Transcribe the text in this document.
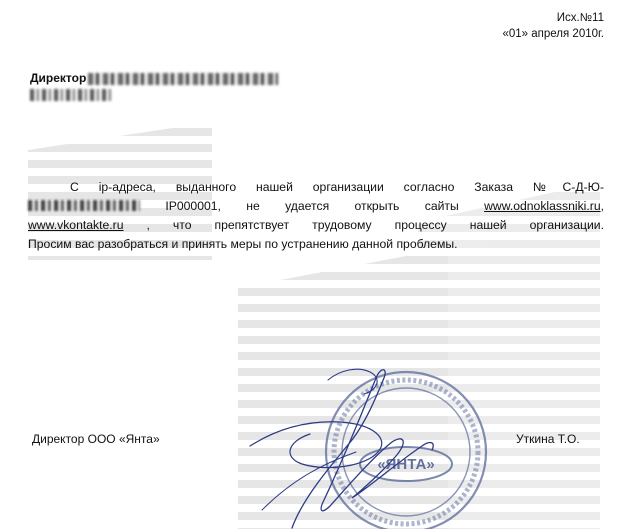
Исх.№11
«01» апреля 2010г.
Директор

С ip-адреса, выданного нашей организации согласно Заказа №С-Д-Ю-

IP000001, не удается открыть сайты www.odnoklassniki.ru,

www.vkontakte.ru , что препятствует трудовому процессу нашей организации.

Просим вас разобраться и принять меры по устранению данной проблемы.

Директор ООО «Янта»	Уткина Т.О.
«ЯНТА»
